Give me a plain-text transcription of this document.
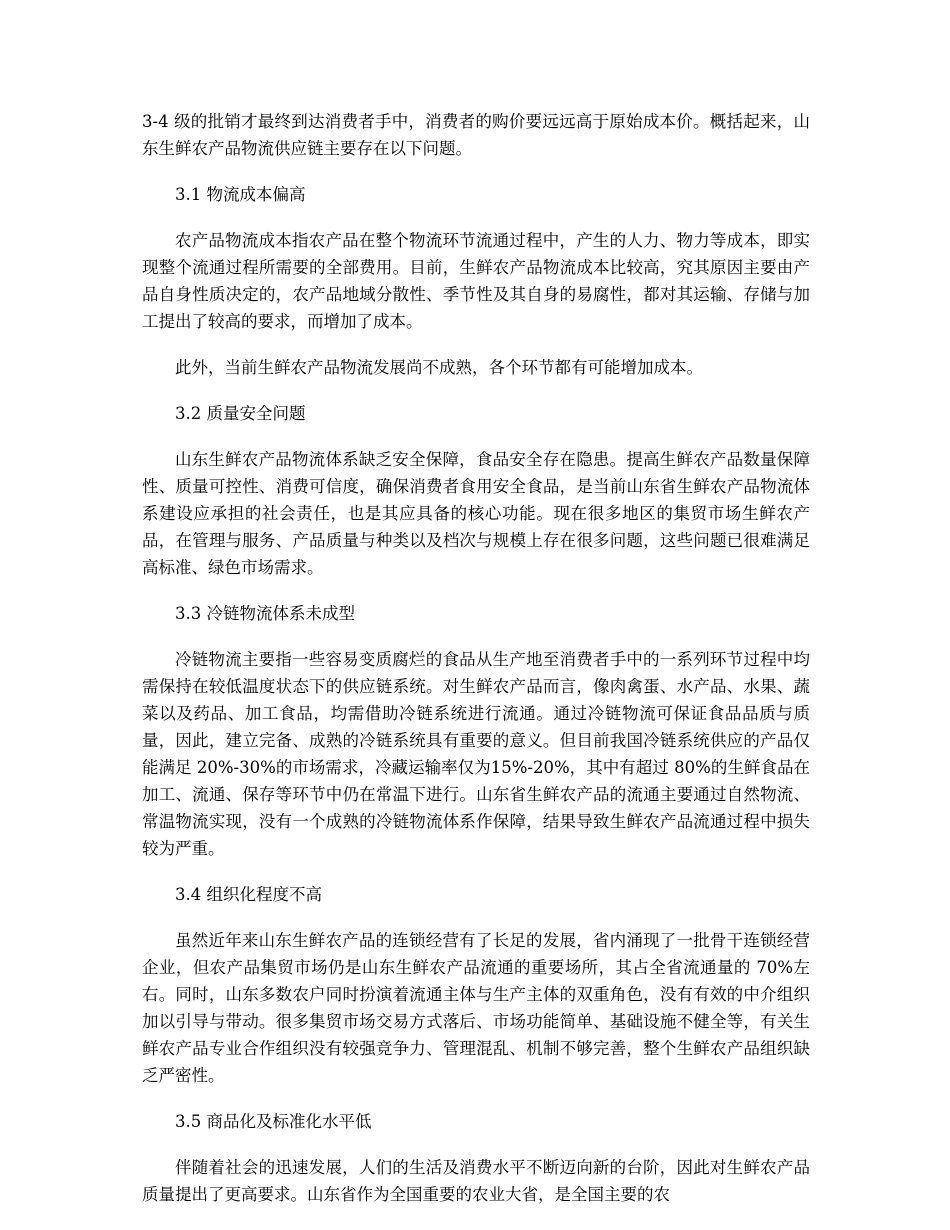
3-4 级的批销才最终到达消费者手中，消费者的购价要远远高于原始成本价。概括起来，山东生鲜农产品物流供应链主要存在以下问题。

3.1 物流成本偏高

农产品物流成本指农产品在整个物流环节流通过程中，产生的人力、物力等成本，即实现整个流通过程所需要的全部费用。目前，生鲜农产品物流成本比较高，究其原因主要由产品自身性质决定的，农产品地域分散性、季节性及其自身的易腐性，都对其运输、存储与加工提出了较高的要求，而增加了成本。

此外，当前生鲜农产品物流发展尚不成熟，各个环节都有可能增加成本。

3.2 质量安全问题

山东生鲜农产品物流体系缺乏安全保障，食品安全存在隐患。提高生鲜农产品数量保障性、质量可控性、消费可信度，确保消费者食用安全食品，是当前山东省生鲜农产品物流体系建设应承担的社会责任，也是其应具备的核心功能。现在很多地区的集贸市场生鲜农产品，在管理与服务、产品质量与种类以及档次与规模上存在很多问题，这些问题已很难满足高标准、绿色市场需求。

3.3 冷链物流体系未成型

冷链物流主要指一些容易变质腐烂的食品从生产地至消费者手中的一系列环节过程中均需保持在较低温度状态下的供应链系统。对生鲜农产品而言，像肉禽蛋、水产品、水果、蔬菜以及药品、加工食品，均需借助冷链系统进行流通。通过冷链物流可保证食品品质与质量，因此，建立完备、成熟的冷链系统具有重要的意义。但目前我国冷链系统供应的产品仅能满足 20%-30%的市场需求，冷藏运输率仅为15%-20%，其中有超过 80%的生鲜食品在加工、流通、保存等环节中仍在常温下进行。山东省生鲜农产品的流通主要通过自然物流、常温物流实现，没有一个成熟的冷链物流体系作保障，结果导致生鲜农产品流通过程中损失较为严重。

3.4 组织化程度不高

虽然近年来山东生鲜农产品的连锁经营有了长足的发展，省内涌现了一批骨干连锁经营企业，但农产品集贸市场仍是山东生鲜农产品流通的重要场所，其占全省流通量的 70%左右。同时，山东多数农户同时扮演着流通主体与生产主体的双重角色，没有有效的中介组织加以引导与带动。很多集贸市场交易方式落后、市场功能简单、基础设施不健全等，有关生鲜农产品专业合作组织没有较强竞争力、管理混乱、机制不够完善，整个生鲜农产品组织缺乏严密性。

3.5 商品化及标准化水平低

伴随着社会的迅速发展，人们的生活及消费水平不断迈向新的台阶，因此对生鲜农产品质量提出了更高要求。山东省作为全国重要的农业大省，是全国主要的农
